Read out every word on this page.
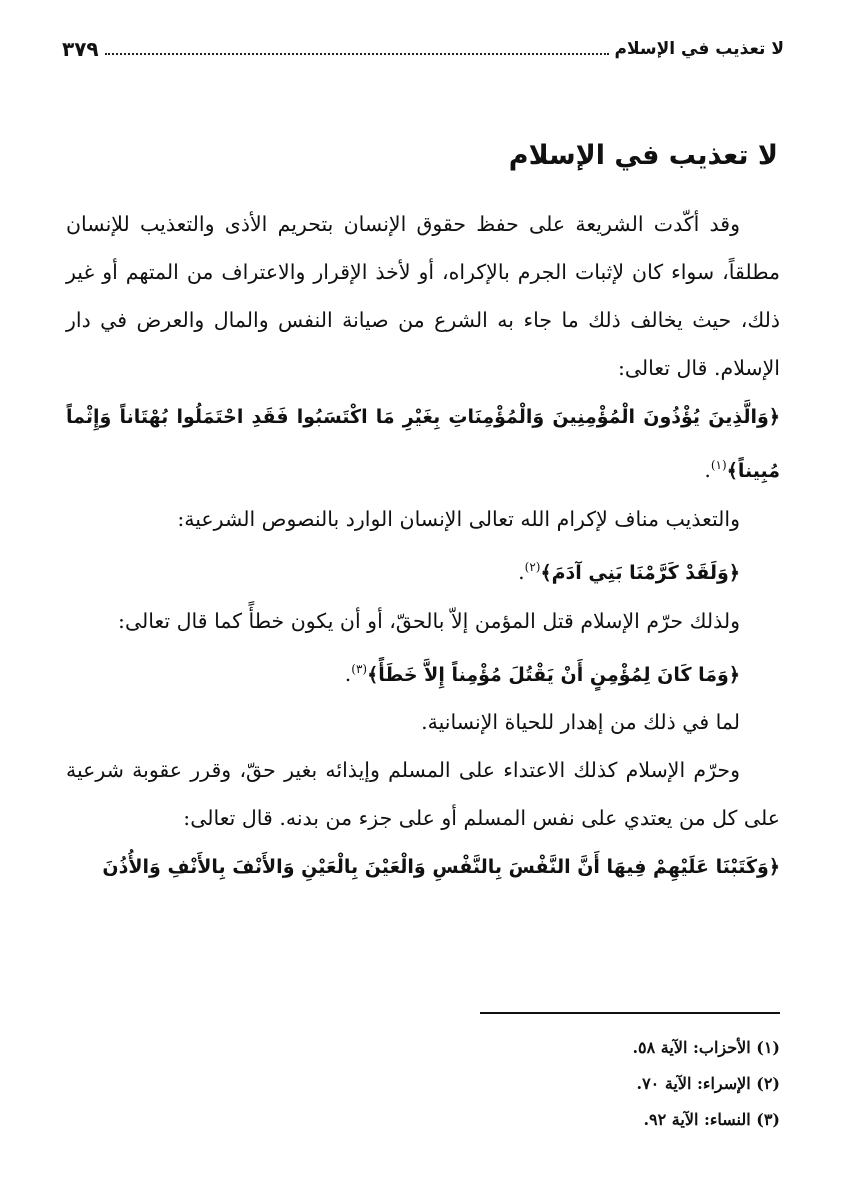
لا تعذيب في الإسلام
٣٧٩
لا تعذيب في الإسلام

وقد أكّدت الشريعة على حفظ حقوق الإنسان بتحريم الأذى والتعذيب للإنسان مطلقاً، سواء كان لإثبات الجرم بالإكراه، أو لأخذ الإقرار والاعتراف من المتهم أو غير ذلك، حيث يخالف ذلك ما جاء به الشرع من صيانة النفس والمال والعرض في دار الإسلام. قال تعالى:

﴿وَالَّذِينَ يُؤْذُونَ الْمُؤْمِنِينَ وَالْمُؤْمِنَاتِ بِغَيْرِ مَا اكْتَسَبُوا فَقَدِ احْتَمَلُوا بُهْتَاناً وَإِثْماً مُبِيناً﴾$^{(١)}$.

والتعذيب مناف لإكرام الله تعالى الإنسان الوارد بالنصوص الشرعية:

﴿وَلَقَدْ كَرَّمْنَا بَنِي آدَمَ﴾$^{(٢)}$.

ولذلك حرّم الإسلام قتل المؤمن إلاّ بالحقّ، أو أن يكون خطأً كما قال تعالى:

﴿وَمَا كَانَ لِمُؤْمِنٍ أَنْ يَقْتُلَ مُؤْمِناً إِلاَّ خَطَأً﴾$^{(٣)}$.

لما في ذلك من إهدار للحياة الإنسانية.

وحرّم الإسلام كذلك الاعتداء على المسلم وإيذائه بغير حقّ، وقرر عقوبة شرعية على كل من يعتدي على نفس المسلم أو على جزء من بدنه. قال تعالى:

﴿وَكَتَبْنَا عَلَيْهِمْ فِيهَا أَنَّ النَّفْسَ بِالنَّفْسِ وَالْعَيْنَ بِالْعَيْنِ وَالأَنْفَ بِالأَنْفِ وَالأُذُنَ

(١) الأحزاب: الآية ٥٨.
(٢) الإسراء: الآية ٧٠.
(٣) النساء: الآية ٩٢.
